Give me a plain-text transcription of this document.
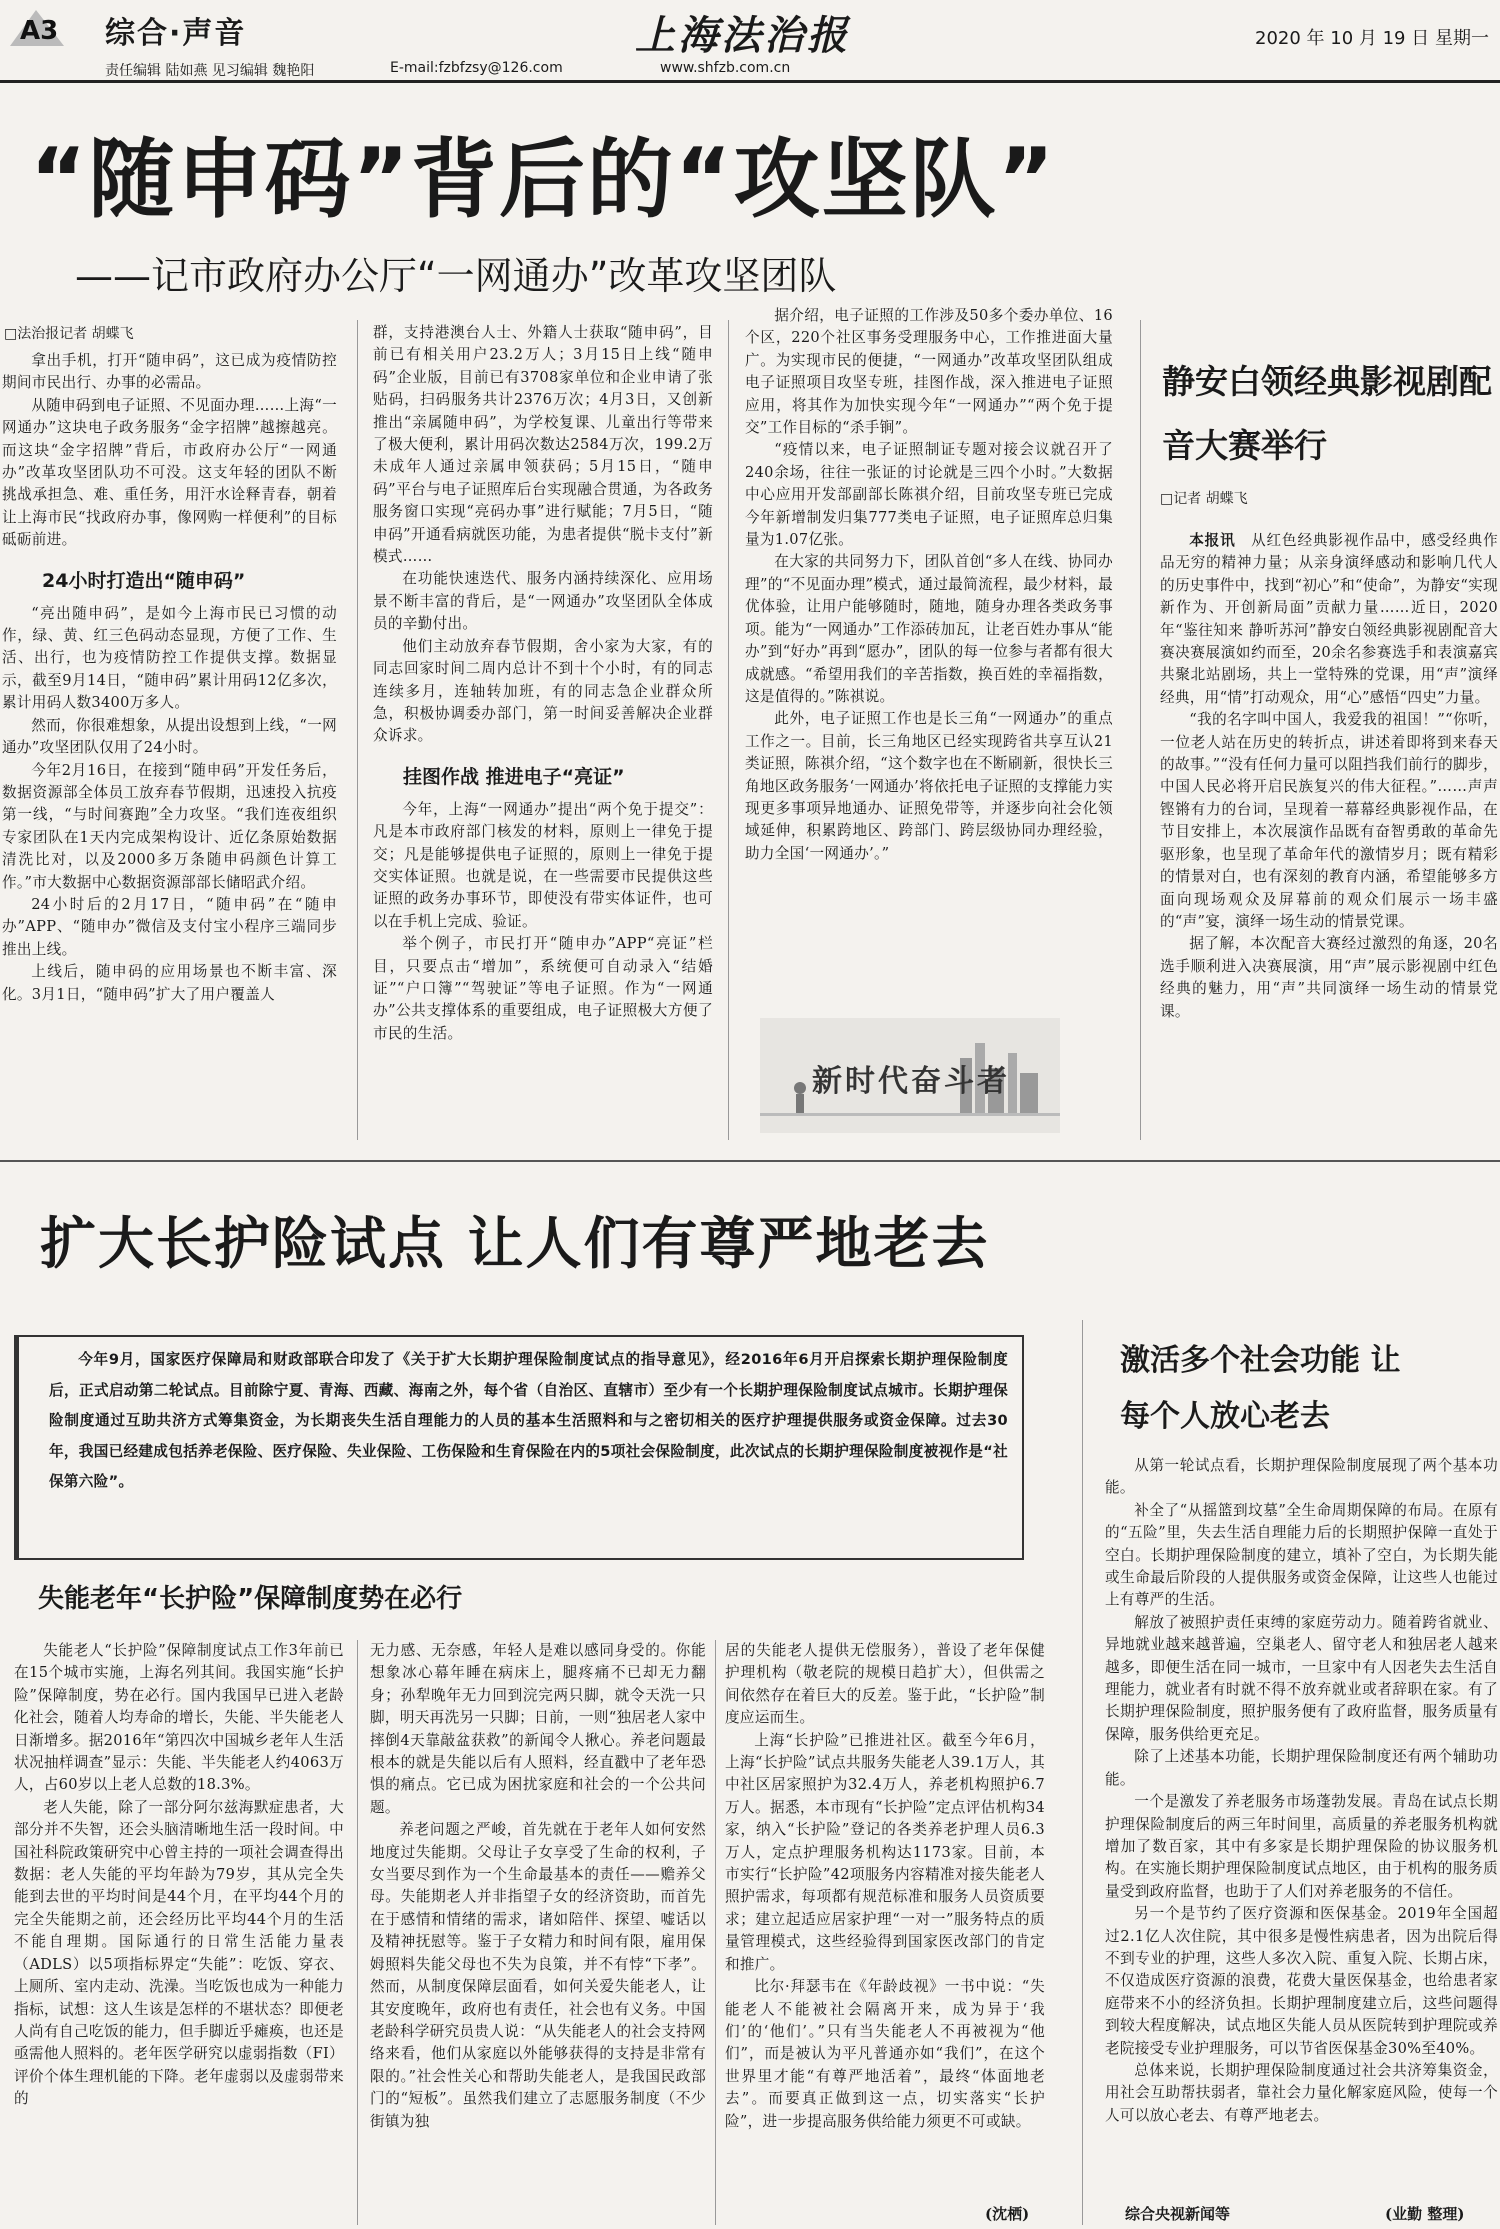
A3 综合·声音
责任编辑 陆如燕 见习编辑 魏艳阳	E-mail:fzbfzsy@126.com
上海法治报
www.shfzb.com.cn
2020 年 10 月 19 日 星期一
“随申码”背后的“攻坚队”
——记市政府办公厅“一网通办”改革攻坚团队
□法治报记者 胡蝶飞

拿出手机，打开“随申码”，这已成为疫情防控期间市民出行、办事的必需品。

从随申码到电子证照、不见面办理……上海“一网通办”这块电子政务服务“金字招牌”越擦越亮。而这块“金字招牌”背后，市政府办公厅“一网通办”改革攻坚团队功不可没。这支年轻的团队不断挑战承担急、难、重任务，用汗水诠释青春，朝着让上海市民“找政府办事，像网购一样便利”的目标砥砺前进。

24小时打造出“随申码”

“亮出随申码”，是如今上海市民已习惯的动作，绿、黄、红三色码动态显现，方便了工作、生活、出行，也为疫情防控工作提供支撑。数据显示，截至9月14日，“随申码”累计用码12亿多次，累计用码人数3400万多人。

然而，你很难想象，从提出设想到上线，“一网通办”攻坚团队仅用了24小时。

今年2月16日，在接到“随申码”开发任务后，数据资源部全体员工放弃春节假期，迅速投入抗疫第一线，“与时间赛跑”全力攻坚。“我们连夜组织专家团队在1天内完成架构设计、近亿条原始数据清洗比对，以及2000多万条随申码颜色计算工作。”市大数据中心数据资源部部长储昭武介绍。

24小时后的2月17日，“随申码”在“随申办”APP、“随申办”微信及支付宝小程序三端同步推出上线。

上线后，随申码的应用场景也不断丰富、深化。3月1日，“随申码”扩大了用户覆盖人

群，支持港澳台人士、外籍人士获取“随申码”，目前已有相关用户23.2万人；3月15日上线“随申码”企业版，目前已有3708家单位和企业申请了张贴码，扫码服务共计2376万次；4月3日，又创新推出“亲属随申码”，为学校复课、儿童出行等带来了极大便利，累计用码次数达2584万次，199.2万未成年人通过亲属申领获码；5月15日，“随申码”平台与电子证照库后台实现融合贯通，为各政务服务窗口实现“亮码办事”进行赋能；7月5日，“随申码”开通看病就医功能，为患者提供“脱卡支付”新模式……

在功能快速迭代、服务内涵持续深化、应用场景不断丰富的背后，是“一网通办”攻坚团队全体成员的辛勤付出。

他们主动放弃春节假期，舍小家为大家，有的同志回家时间二周内总计不到十个小时，有的同志连续多月，连轴转加班，有的同志急企业群众所急，积极协调委办部门，第一时间妥善解决企业群众诉求。

挂图作战 推进电子“亮证”

今年，上海“一网通办”提出“两个免于提交”：凡是本市政府部门核发的材料，原则上一律免于提交；凡是能够提供电子证照的，原则上一律免于提交实体证照。也就是说，在一些需要市民提供这些证照的政务办事环节，即使没有带实体证件，也可以在手机上完成、验证。

举个例子，市民打开“随申办”APP“亮证”栏目，只要点击“增加”，系统便可自动录入“结婚证”“户口簿”“驾驶证”等电子证照。作为“一网通办”公共支撑体系的重要组成，电子证照极大方便了市民的生活。

据介绍，电子证照的工作涉及50多个委办单位、16个区，220个社区事务受理服务中心，工作推进面大量广。为实现市民的便捷，“一网通办”改革攻坚团队组成电子证照项目攻坚专班，挂图作战，深入推进电子证照应用，将其作为加快实现今年“一网通办”“两个免于提交”工作目标的“杀手锏”。

“疫情以来，电子证照制证专题对接会议就召开了240余场，往往一张证的讨论就是三四个小时。”大数据中心应用开发部副部长陈祺介绍，目前攻坚专班已完成今年新增制发归集777类电子证照，电子证照库总归集量为1.07亿张。

在大家的共同努力下，团队首创“多人在线、协同办理”的“不见面办理”模式，通过最简流程，最少材料，最优体验，让用户能够随时，随地，随身办理各类政务事项。能为“一网通办”工作添砖加瓦，让老百姓办事从“能办”到“好办”再到“愿办”，团队的每一位参与者都有很大成就感。“希望用我们的辛苦指数，换百姓的幸福指数，这是值得的。”陈祺说。

此外，电子证照工作也是长三角“一网通办”的重点工作之一。目前，长三角地区已经实现跨省共享互认21类证照，陈祺介绍，“这个数字也在不断刷新，很快长三角地区政务服务‘一网通办’将依托电子证照的支撑能力实现更多事项异地通办、证照免带等，并逐步向社会化领域延伸，积累跨地区、跨部门、跨层级协同办理经验，助力全国‘一网通办’。”

新时代奋斗者
静安白领经典影视剧配音大赛举行
□记者 胡蝶飞

本报讯　 从红色经典影视作品中，感受经典作品无穷的精神力量；从亲身演绎感动和影响几代人的历史事件中，找到“初心”和“使命”，为静安“实现新作为、开创新局面”贡献力量……近日，2020年“鉴往知来 静听苏河”静安白领经典影视剧配音大赛决赛展演如约而至，20余名参赛选手和表演嘉宾共聚北站剧场，共上一堂特殊的党课，用“声”演绎经典，用“情”打动观众，用“心”感悟“四史”力量。

“我的名字叫中国人，我爱我的祖国！”“你听，一位老人站在历史的转折点，讲述着即将到来春天的故事。”“没有任何力量可以阻挡我们前行的脚步，中国人民必将开启民族复兴的伟大征程。”……声声铿锵有力的台词，呈现着一幕幕经典影视作品，在节目安排上，本次展演作品既有奋智勇敢的革命先驱形象，也呈现了革命年代的激情岁月；既有精彩的情景对白，也有深刻的教育内涵，希望能够多方面向现场观众及屏幕前的观众们展示一场丰盛的“声”宴，演绎一场生动的情景党课。

据了解，本次配音大赛经过激烈的角逐，20名选手顺利进入决赛展演，用“声”展示影视剧中红色经典的魅力，用“声”共同演绎一场生动的情景党课。

扩大长护险试点 让人们有尊严地老去

今年9月，国家医疗保障局和财政部联合印发了《关于扩大长期护理保险制度试点的指导意见》，经2016年6月开启探索长期护理保险制度后，正式启动第二轮试点。目前除宁夏、青海、西藏、海南之外，每个省（自治区、直辖市）至少有一个长期护理保险制度试点城市。长期护理保险制度通过互助共济方式筹集资金，为长期丧失生活自理能力的人员的基本生活照料和与之密切相关的医疗护理提供服务或资金保障。过去30年，我国已经建成包括养老保险、医疗保险、失业保险、工伤保险和生育保险在内的5项社会保险制度，此次试点的长期护理保险制度被视作是“社保第六险”。

失能老年“长护险”保障制度势在必行

失能老人“长护险”保障制度试点工作3年前已在15个城市实施，上海名列其间。我国实施“长护险”保障制度，势在必行。国内我国早已进入老龄化社会，随着人均寿命的增长，失能、半失能老人日渐增多。据2016年“第四次中国城乡老年人生活状况抽样调查”显示：失能、半失能老人约4063万人，占60岁以上老人总数的18.3%。

老人失能，除了一部分阿尔兹海默症患者，大部分并不失智，还会头脑清晰地生活一段时间。中国社科院政策研究中心曾主持的一项社会调查得出数据：老人失能的平均年龄为79岁，其从完全失能到去世的平均时间是44个月，在平均44个月的完全失能期之前，还会经历比平均44个月的生活不能自理期。国际通行的日常生活能力量表（ADLS）以5项指标界定“失能”：吃饭、穿衣、上厕所、室内走动、洗澡。当吃饭也成为一种能力指标，试想：这人生该是怎样的不堪状态？即便老人尚有自己吃饭的能力，但手脚近乎瘫痪，也还是亟需他人照料的。老年医学研究以虚弱指数（FI）评价个体生理机能的下降。老年虚弱以及虚弱带来的

无力感、无奈感，年轻人是难以感同身受的。你能想象冰心幕年睡在病床上，腿疼痛不已却无力翻身；孙犁晚年无力回到浣完两只脚，就令天洗一只脚，明天再洗另一只脚；日前，一则“独居老人家中摔倒4天靠敲盆获救”的新闻令人揪心。养老问题最根本的就是失能以后有人照料，经直戳中了老年恐惧的痛点。它已成为困扰家庭和社会的一个公共问题。

养老问题之严峻，首先就在于老年人如何安然地度过失能期。父母让子女享受了生命的权利，子女当要尽到作为一个生命最基本的责任——赡养父母。失能期老人并非指望子女的经济资助，而首先在于感情和情绪的需求，诸如陪伴、探望、嘘话以及精神抚慰等。鉴于子女精力和时间有限，雇用保姆照料失能父母也不失为良策，并不有悖“下孝”。然而，从制度保障层面看，如何关爱失能老人，让其安度晚年，政府也有责任，社会也有义务。中国老龄科学研究员贵人说：“从失能老人的社会支持网络来看，他们从家庭以外能够获得的支持是非常有限的。”社会性关心和帮助失能老人，是我国民政部门的“短板”。虽然我们建立了志愿服务制度（不少街镇为独

居的失能老人提供无偿服务），普设了老年保健护理机构（敬老院的规模日趋扩大），但供需之间依然存在着巨大的反差。鉴于此，“长护险”制度应运而生。

上海“长护险”已推进社区。截至今年6月，上海“长护险”试点共服务失能老人39.1万人，其中社区居家照护为32.4万人，养老机构照护6.7万人。据悉，本市现有“长护险”定点评估机构34家，纳入“长护险”登记的各类养老护理人员6.3万人，定点护理服务机构达1173家。目前，本市实行“长护险”42项服务内容精准对接失能老人照护需求，每项都有规范标准和服务人员资质要求；建立起适应居家护理“一对一”服务特点的质量管理模式，这些经验得到国家医改部门的肯定和推广。

比尔·拜瑟韦在《年龄歧视》一书中说：“失能老人不能被社会隔离开来，成为异于‘我们’的‘他们’。”只有当失能老人不再被视为“他们”，而是被认为平凡普通亦如“我们”，在这个世界里才能“有尊严地活着”，最终“体面地老去”。而要真正做到这一点，切实落实“长护险”，进一步提高服务供给能力须更不可或缺。

(沈栖)
激活多个社会功能 让每个人放心老去

从第一轮试点看，长期护理保险制度展现了两个基本功能。

补全了“从摇篮到坟墓”全生命周期保障的布局。在原有的“五险”里，失去生活自理能力后的长期照护保障一直处于空白。长期护理保险制度的建立，填补了空白，为长期失能或生命最后阶段的人提供服务或资金保障，让这些人也能过上有尊严的生活。

解放了被照护责任束缚的家庭劳动力。随着跨省就业、异地就业越来越普遍，空巢老人、留守老人和独居老人越来越多，即便生活在同一城市，一旦家中有人因老失去生活自理能力，就业者有时就不得不放弃就业或者辞职在家。有了长期护理保险制度，照护服务便有了政府监督，服务质量有保障，服务供给更充足。

除了上述基本功能，长期护理保险制度还有两个辅助功能。

一个是激发了养老服务市场蓬勃发展。青岛在试点长期护理保险制度后的两三年时间里，高质量的养老服务机构就增加了数百家，其中有多家是长期护理保险的协议服务机构。在实施长期护理保险制度试点地区，由于机构的服务质量受到政府监督，也助于了人们对养老服务的不信任。

另一个是节约了医疗资源和医保基金。2019年全国超过2.1亿人次住院，其中很多是慢性病患者，因为出院后得不到专业的护理，这些人多次入院、重复入院、长期占床，不仅造成医疗资源的浪费，花费大量医保基金，也给患者家庭带来不小的经济负担。长期护理制度建立后，这些问题得到较大程度解决，试点地区失能人员从医院转到护理院或养老院接受专业护理服务，可以节省医保基金30%至40%。

总体来说，长期护理保险制度通过社会共济筹集资金，用社会互助帮扶弱者，靠社会力量化解家庭风险，使每一个人可以放心老去、有尊严地老去。

综合央视新闻等	(业勤 整理)
